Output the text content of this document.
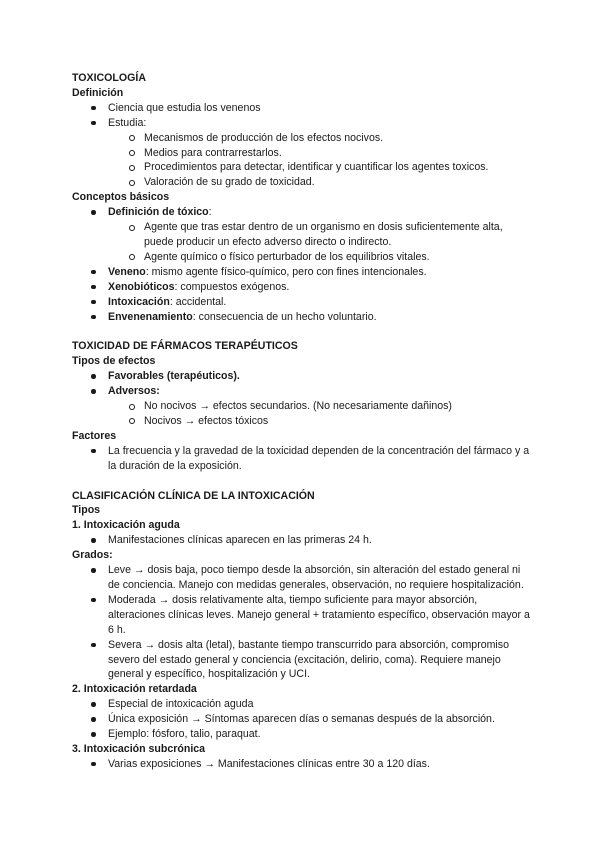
TOXICOLOGÍA
Definición
Ciencia que estudia los venenos
Estudia:
Mecanismos de producción de los efectos nocivos.
Medios para contrarrestarlos.
Procedimientos para detectar, identificar y cuantificar los agentes toxicos.
Valoración de su grado de toxicidad.
Conceptos básicos
Definición de tóxico:
Agente que tras estar dentro de un organismo en dosis suficientemente alta, puede producir un efecto adverso directo o indirecto.
Agente químico o físico perturbador de los equilibrios vitales.
Veneno: mismo agente físico-químico, pero con fines intencionales.
Xenobióticos: compuestos exógenos.
Intoxicación: accidental.
Envenenamiento: consecuencia de un hecho voluntario.
TOXICIDAD DE FÁRMACOS TERAPÉUTICOS
Tipos de efectos
Favorables (terapéuticos).
Adversos:
No nocivos → efectos secundarios. (No necesariamente dañinos)
Nocivos → efectos tóxicos
Factores
La frecuencia y la gravedad de la toxicidad dependen de la concentración del fármaco y a la duración de la exposición.
CLASIFICACIÓN CLÍNICA DE LA INTOXICACIÓN
Tipos
1. Intoxicación aguda
Manifestaciones clínicas aparecen en las primeras 24 h.
Grados:
Leve → dosis baja, poco tiempo desde la absorción, sin alteración del estado general ni de conciencia. Manejo con medidas generales, observación, no requiere hospitalización.
Moderada → dosis relativamente alta, tiempo suficiente para mayor absorción, alteraciones clínicas leves. Manejo general + tratamiento específico, observación mayor a 6 h.
Severa → dosis alta (letal), bastante tiempo transcurrido para absorción, compromiso severo del estado general y conciencia (excitación, delirio, coma). Requiere manejo general y específico, hospitalización y UCI.
2. Intoxicación retardada
Especial de intoxicación aguda
Única exposición → Síntomas aparecen días o semanas después de la absorción.
Ejemplo: fósforo, talio, paraquat.
3. Intoxicación subcrónica
Varias exposiciones → Manifestaciones clínicas entre 30 a 120 días.
